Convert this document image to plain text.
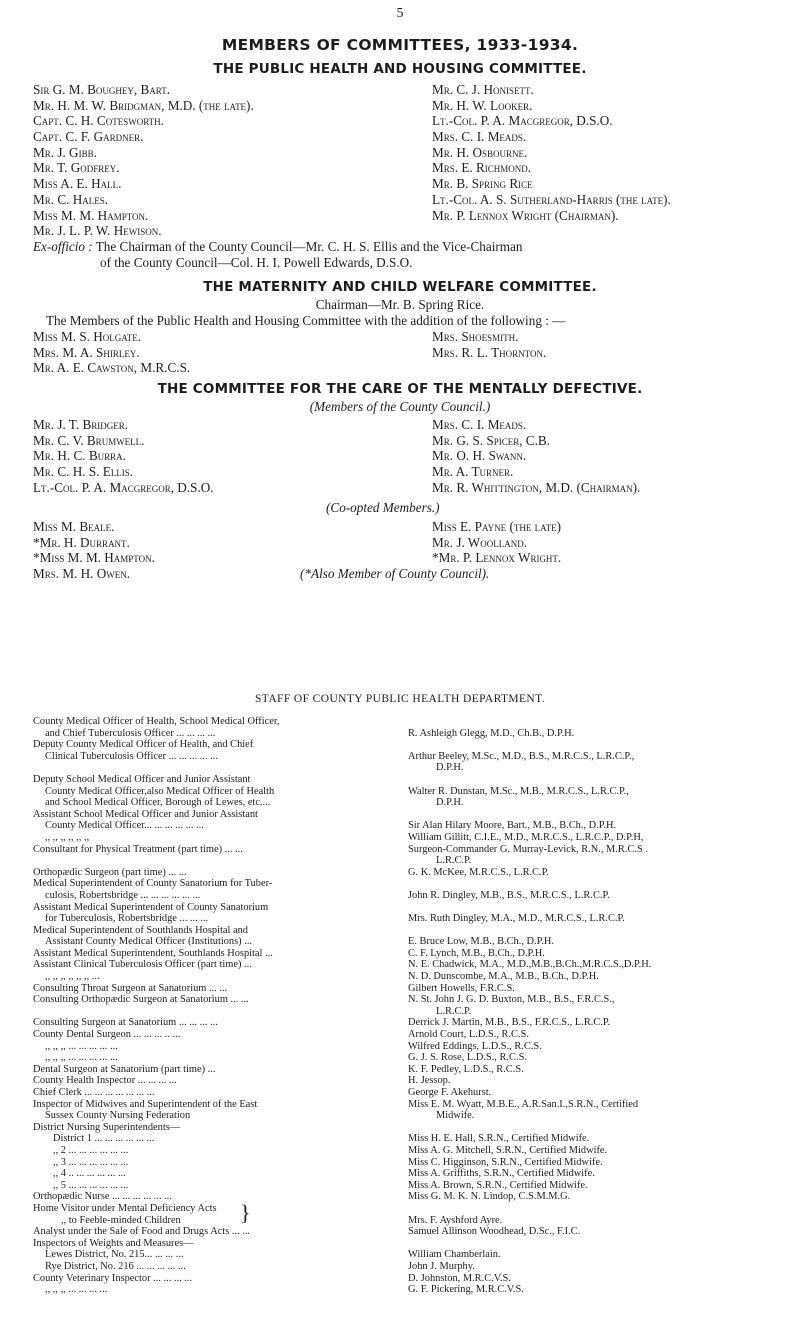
5
MEMBERS OF COMMITTEES, 1933-1934.
THE PUBLIC HEALTH AND HOUSING COMMITTEE.
Sir G. M. Boughey, Bart.
Mr. H. M. W. Bridgman, M.D. (the late).
Capt. C. H. Cotesworth.
Capt. C. F. Gardner.
Mr. J. Gibb.
Mr. T. Godfrey.
Miss A. E. Hall.
Mr. C. Hales.
Miss M. M. Hampton.
Mr. J. L. P. W. Hewison.
Mr. C. J. Honisett.
Mr. H. W. Looker.
Lt.-Col. P. A. Macgregor, D.S.O.
Mrs. C. I. Meads.
Mr. H. Osbourne.
Mrs. E. Richmond.
Mr. B. Spring Rice
Lt.-Col. A. S. Sutherland-Harris (the late).
Mr. P. Lennox Wright (Chairman).
Ex-officio : The Chairman of the County Council—Mr. C. H. S. Ellis and the Vice-Chairman
of the County Council—Col. H. I. Powell Edwards, D.S.O.
THE MATERNITY AND CHILD WELFARE COMMITTEE.
Chairman—Mr. B. Spring Rice.
The Members of the Public Health and Housing Committee with the addition of the following : —
Miss M. S. Holgate.
Mrs. M. A. Shirley.
Mr. A. E. Cawston, M.R.C.S.
Mrs. Shoesmith.
Mrs. R. L. Thornton.
THE COMMITTEE FOR THE CARE OF THE MENTALLY DEFECTIVE.
(Members of the County Council.)
Mr. J. T. Bridger.
Mr. C. V. Brumwell.
Mr. H. C. Burra.
Mr. C. H. S. Ellis.
Lt.-Col. P. A. Macgregor, D.S.O.
Mrs. C. I. Meads.
Mr. G. S. Spicer, C.B.
Mr. O. H. Swann.
Mr. A. Turner.
Mr. R. Whittington, M.D. (Chairman).
(Co-opted Members.)
Miss M. Beale.
*Mr. H. Durrant.
*Miss M. M. Hampton.
Mrs. M. H. Owen.
Miss E. Payne (the late)
Mr. J. Woolland.
*Mr. P. Lennox Wright.
(*Also Member of County Council).
STAFF OF COUNTY PUBLIC HEALTH DEPARTMENT.
County Medical Officer of Health, School Medical Officer,
and Chief Tuberculosis Officer ... ... ... ...
Deputy County Medical Officer of Health, and Chief
Clinical Tuberculosis Officer ... ... ... ... ...
Deputy School Medical Officer and Junior Assistant
County Medical Officer,also Medical Officer of Health
and School Medical Officer, Borough of Lewes, etc....
Assistant School Medical Officer and Junior Assistant
County Medical Officer... ... ... ... ... ...
,, ,, ,, ,, ,, ,,
Consultant for Physical Treatment (part time) ... ...
Orthopædic Surgeon (part time) ... ...
Medical Superintendent of County Sanatorium for Tuber-
culosis, Robertsbridge ... ... ... ... ... ...
Assistant Medical Superintendent of County Sanatorium
for Tuberculosis, Robertsbridge ... ... ...
Medical Superintendent of Southlands Hospital and
Assistant County Medical Officer (Institutions) ...
Assistant Medical Superintendent, Southlands Hospital ...
Assistant Clinical Tuberculosis Officer (part time) ...
,, ,, ,, ,, ,, ,, ...
Consulting Throat Surgeon at Sanatorium ... ...
Consulting Orthopædic Surgeon at Sanatorium ... ...
Consulting Surgeon at Sanatorium ... ... ... ...
County Dental Surgeon ... ... ... .. ...
,, ,, ,, ... ... ... ... ...
,, ,, ,, ... ... ... ... ...
Dental Surgeon at Sanatorium (part time) ...
County Health Inspector ... ... ... ...
Chief Clerk ... ... ... ... ... ... ...
Inspector of Midwives and Superintendent of the East
Sussex County Nursing Federation
District Nursing Superintendents—
District 1 ... ... ... ... ... ...
,, 2 ... ... ... ... ... ...
,, 3 ... ... ... ... ... ...
,, 4 .. ... ... ... ... ...
,, 5 ... ... ... ... ... ...
Orthopædic Nurse ... ... ... ... ... ...
Home Visitor under Mental Deficiency Acts
,, to Feeble-minded Children
Analyst under the Sale of Food and Drugs Acts ... ...
Inspectors of Weights and Measures—
Lewes District, No. 215... ... ... ...
Rye District, No. 216 ... ... ... ... ...
County Veterinary Inspector ... ... ... ...
,, ,, ,, ... ... ... ...
}
R. Ashleigh Glegg, M.D., Ch.B., D.P.H.
Arthur Beeley, M.Sc., M.D., B.S., M.R.C.S., L.R.C.P.,
D.P.H.
Walter R. Dunstan, M.Sc., M.B., M.R.C.S., L.R.C.P.,
D.P.H.
Sir Alan Hilary Moore, Bart., M.B., B.Ch., D.P.H.
William Gillitt, C.I.E., M.D., M.R.C.S., L.R.C.P., D.P.H,
Surgeon-Commander G. Murray-Levick, R.N., M.R.C.S .
L.R.C.P.
G. K. McKee, M.R.C.S., L.R.C.P.
John R. Dingley, M.B., B.S., M.R.C.S., L.R.C.P.
Mrs. Ruth Dingley, M.A., M.D., M.R.C.S., L.R.C.P.
E. Bruce Low, M.B., B.Ch., D.P.H.
C. F. Lynch, M.B., B.Ch., D.P.H.
N. E. Chadwick, M.A., M.D.,M.B.,B.Ch.,M.R.C.S.,D.P.H.
N. D. Dunscombe, M.A., M.B., B.Ch., D.P.H.
Gilbert Howells, F.R.C.S.
N. St. John J. G. D. Buxton, M.B., B.S., F.R.C.S.,
L.R.C.P.
Derrick J. Martin, M.B., B.S., F.R.C.S., L.R.C.P.
Arnold Court, L.D.S., R.C.S.
Wilfred Eddings, L.D.S., R.C.S.
G. J. S. Rose, L.D.S., R.C.S.
K. F. Pedley, L.D.S., R.C.S.
H. Jessop.
George F. Akehurst.
Miss E. M. Wyatt, M.B.E., A.R.San.I.,S.R.N., Certified
Midwife.
Miss H. E. Hall, S.R.N., Certified Midwife.
Miss A. G. Mitchell, S.R.N., Certified Midwife.
Miss C. Higginson, S.R.N., Certified Midwife.
Miss A. Griffiths, S.R.N., Certified Midwife.
Miss A. Brown, S.R.N., Certified Midwife.
Miss G. M. K. N. Lindop, C.S.M.M.G.
Mrs. F. Ayshford Ayre.
Samuel Allinson Woodhead, D.Sc., F.I.C.
William Chamberlain.
John J. Murphy.
D. Johnston, M.R.C.V.S.
G. F. Pickering, M.R.C.V.S.
